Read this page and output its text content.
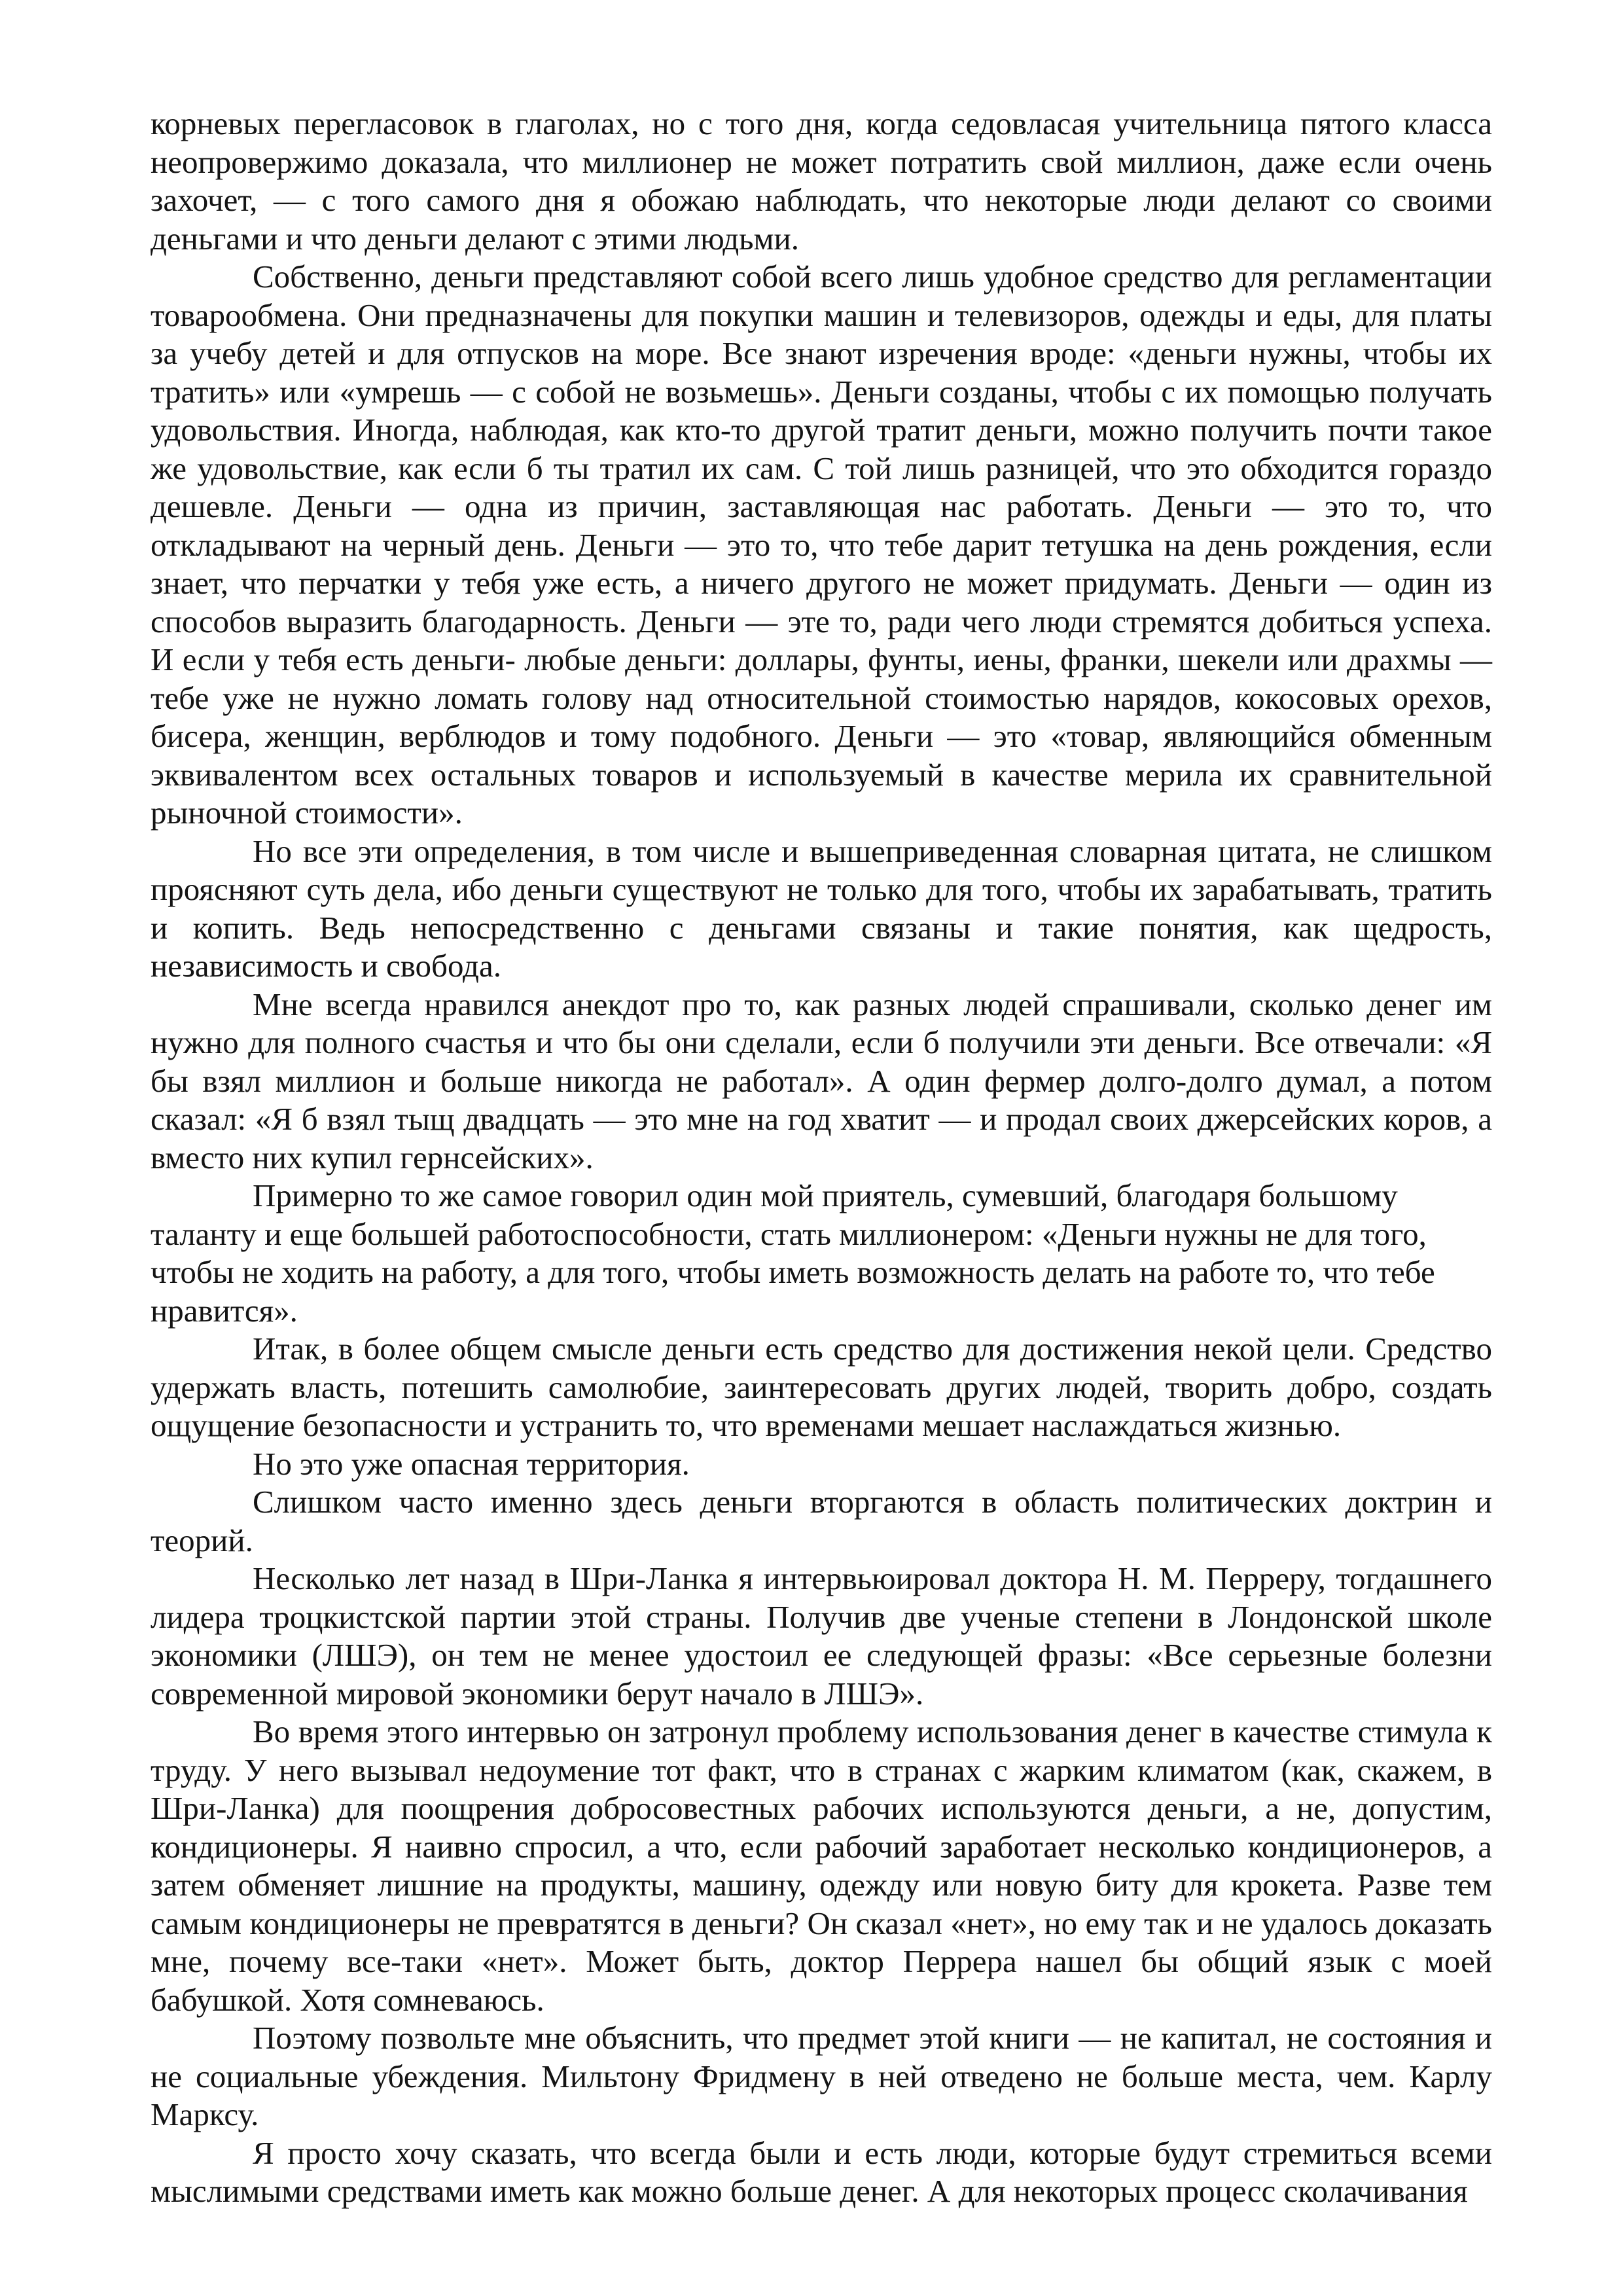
корневых перегласовок в глаголах, но с того дня, когда седовласая учительница пятого класса неопровержимо доказала, что миллионер не может потратить свой миллион, даже если очень захочет, — с того самого дня я обожаю наблюдать, что некоторые люди делают со своими деньгами и что деньги делают с этими людьми.

Собственно, деньги представляют собой всего лишь удобное средство для регламентации товарообмена. Они предназначены для покупки машин и телевизоров, одежды и еды, для платы за учебу детей и для отпусков на море. Все знают изречения вроде: «деньги нужны, чтобы их тратить» или «умрешь — с собой не возьмешь». Деньги созданы, чтобы с их помощью получать удовольствия. Иногда, наблюдая, как кто-то другой тратит деньги, можно получить почти такое же удовольствие, как если б ты тратил их сам. С той лишь разницей, что это обходится гораздо дешевле. Деньги — одна из причин, заставляющая нас работать. Деньги — это то, что откладывают на черный день. Деньги — это то, что тебе дарит тетушка на день рождения, если знает, что перчатки у тебя уже есть, а ничего другого не может придумать. Деньги — один из способов выразить благодарность. Деньги — эте то, ради чего люди стремятся добиться успеха. И если у тебя есть деньги- любые деньги: доллары, фунты, иены, франки, шекели или драхмы — тебе уже не нужно ломать голову над относительной стоимостью нарядов, кокосовых орехов, бисера, женщин, верблюдов и тому подобного. Деньги — это «товар, являющийся обменным эквивалентом всех остальных товаров и используемый в качестве мерила их сравнительной рыночной стоимости».

Но все эти определения, в том числе и вышеприведенная словарная цитата, не слишком проясняют суть дела, ибо деньги существуют не только для того, чтобы их зарабатывать, тратить и копить. Ведь непосредственно с деньгами связаны и такие понятия, как щедрость, независимость и свобода.

Мне всегда нравился анекдот про то, как разных людей спрашивали, сколько денег им нужно для полного счастья и что бы они сделали, если б получили эти деньги. Все отвечали: «Я бы взял миллион и больше никогда не работал». А один фермер долго-долго думал, а потом сказал: «Я б взял тыщ двадцать — это мне на год хватит — и продал своих джерсейских коров, а вместо них купил гернсейских».

Примерно то же самое говорил один мой приятель, сумевший, благодаря большому таланту и еще большей работоспособности, стать миллионером: «Деньги нужны не для того, чтобы не ходить на работу, а для того, чтобы иметь возможность делать на работе то, что тебе нравится».

Итак, в более общем смысле деньги есть средство для достижения некой цели. Средство удержать власть, потешить самолюбие, заинтересовать других людей, творить добро, создать ощущение безопасности и устранить то, что временами мешает наслаждаться жизнью.

Но это уже опасная территория.

Слишком часто именно здесь деньги вторгаются в область политических доктрин и теорий.

Несколько лет назад в Шри-Ланка я интервьюировал доктора Н. М. Перреру, тогдашнего лидера троцкистской партии этой страны. Получив две ученые степени в Лондонской школе экономики (ЛШЭ), он тем не менее удостоил ее следующей фразы: «Все серьезные болезни современной мировой экономики берут начало в ЛШЭ».

Во время этого интервью он затронул проблему использования денег в качестве стимула к труду. У него вызывал недоумение тот факт, что в странах с жарким климатом (как, скажем, в Шри-Ланка) для поощрения добросовестных рабочих используются деньги, а не, допустим, кондиционеры. Я наивно спросил, а что, если рабочий заработает несколько кондиционеров, а затем обменяет лишние на продукты, машину, одежду или новую биту для крокета. Разве тем самым кондиционеры не превратятся в деньги? Он сказал «нет», но ему так и не удалось доказать мне, почему все-таки «нет». Может быть, доктор Перрера нашел бы общий язык с моей бабушкой. Хотя сомневаюсь.

Поэтому позвольте мне объяснить, что предмет этой книги — не капитал, не состояния и не социальные убеждения. Мильтону Фридмену в ней отведено не больше места, чем. Карлу Марксу.

Я просто хочу сказать, что всегда были и есть люди, которые будут стремиться всеми мыслимыми средствами иметь как можно больше денег. А для некоторых процесс сколачивания
